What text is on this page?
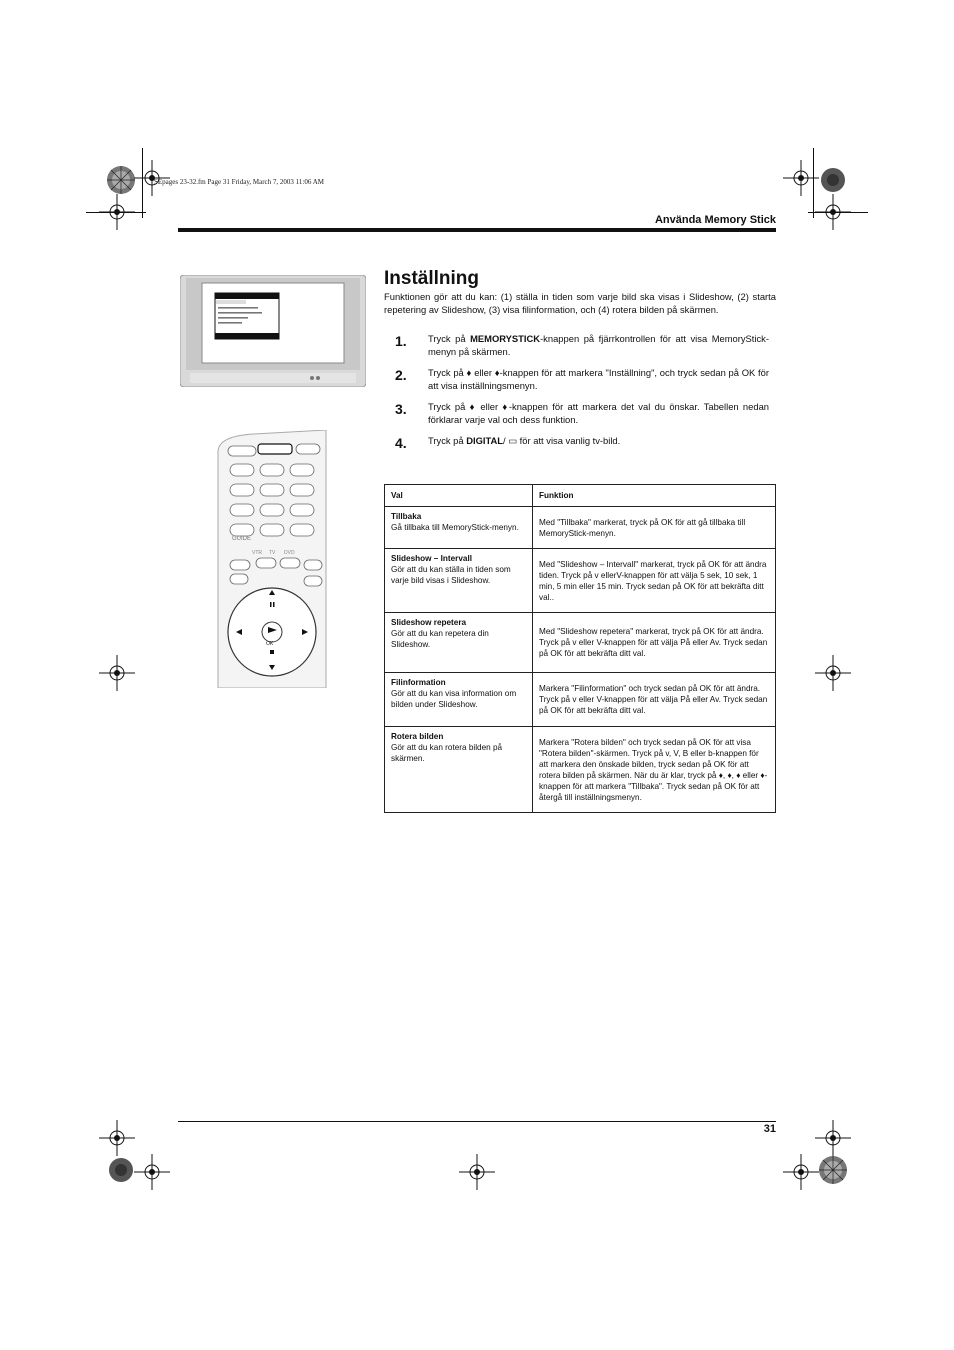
SEpages 23-32.fm Page 31 Friday, March 7, 2003 11:06 AM
Använda Memory Stick
OK
GUIDE
VTR TV DVD
Inställning
Funktionen gör att du kan: (1) ställa in tiden som varje bild ska visas i Slideshow, (2) starta repetering av Slideshow, (3) visa filinformation, och (4) rotera bilden på skärmen.
1. Tryck på MEMORYSTICK-knappen på fjärrkontrollen för att visa MemoryStick-menyn på skärmen.
2. Tryck på ♦ eller ♦-knappen för att markera "Inställning", och tryck sedan på OK för att visa inställningsmenyn.
3. Tryck på ♦ eller ♦-knappen för att markera det val du önskar. Tabellen nedan förklarar varje val och dess funktion.
4. Tryck på DIGITAL/ ▭ för att visa vanlig tv-bild.
Val	Funktion

Tillbaka
Gå tillbaka till MemoryStick-menyn.	Med "Tillbaka" markerat, tryck på OK för att gå tillbaka till MemoryStick-menyn.

Slideshow – Intervall
Gör att du kan ställa in tiden som varje bild visas i Slideshow.	Med "Slideshow – Intervall" markerat, tryck på OK för att ändra tiden. Tryck på v ellerV-knappen för att välja 5 sek, 10 sek, 1 min, 5 min eller 15 min. Tryck sedan på OK för att bekräfta ditt val..

Slideshow repetera
Gör att du kan repetera din Slideshow.	Med "Slideshow repetera" markerat, tryck på OK för att ändra. Tryck på v eller V-knappen för att välja På eller Av. Tryck sedan på OK för att bekräfta ditt val.

Filinformation
Gör att du kan visa information om bilden under Slideshow.	Markera "Filinformation" och tryck sedan på OK för att ändra. Tryck på v eller V-knappen för att välja På eller Av. Tryck sedan på OK för att bekräfta ditt val.

Rotera bilden
Gör att du kan rotera bilden på skärmen.	Markera "Rotera bilden" och tryck sedan på OK för att visa "Rotera bilden"-skärmen. Tryck på v, V, B eller b-knappen för att markera den önskade bilden, tryck sedan på OK för att rotera bilden på skärmen. När du är klar, tryck på ♦, ♦, ♦ eller ♦-knappen för att markera "Tillbaka". Tryck sedan på OK för att återgå till inställningsmenyn.
31
